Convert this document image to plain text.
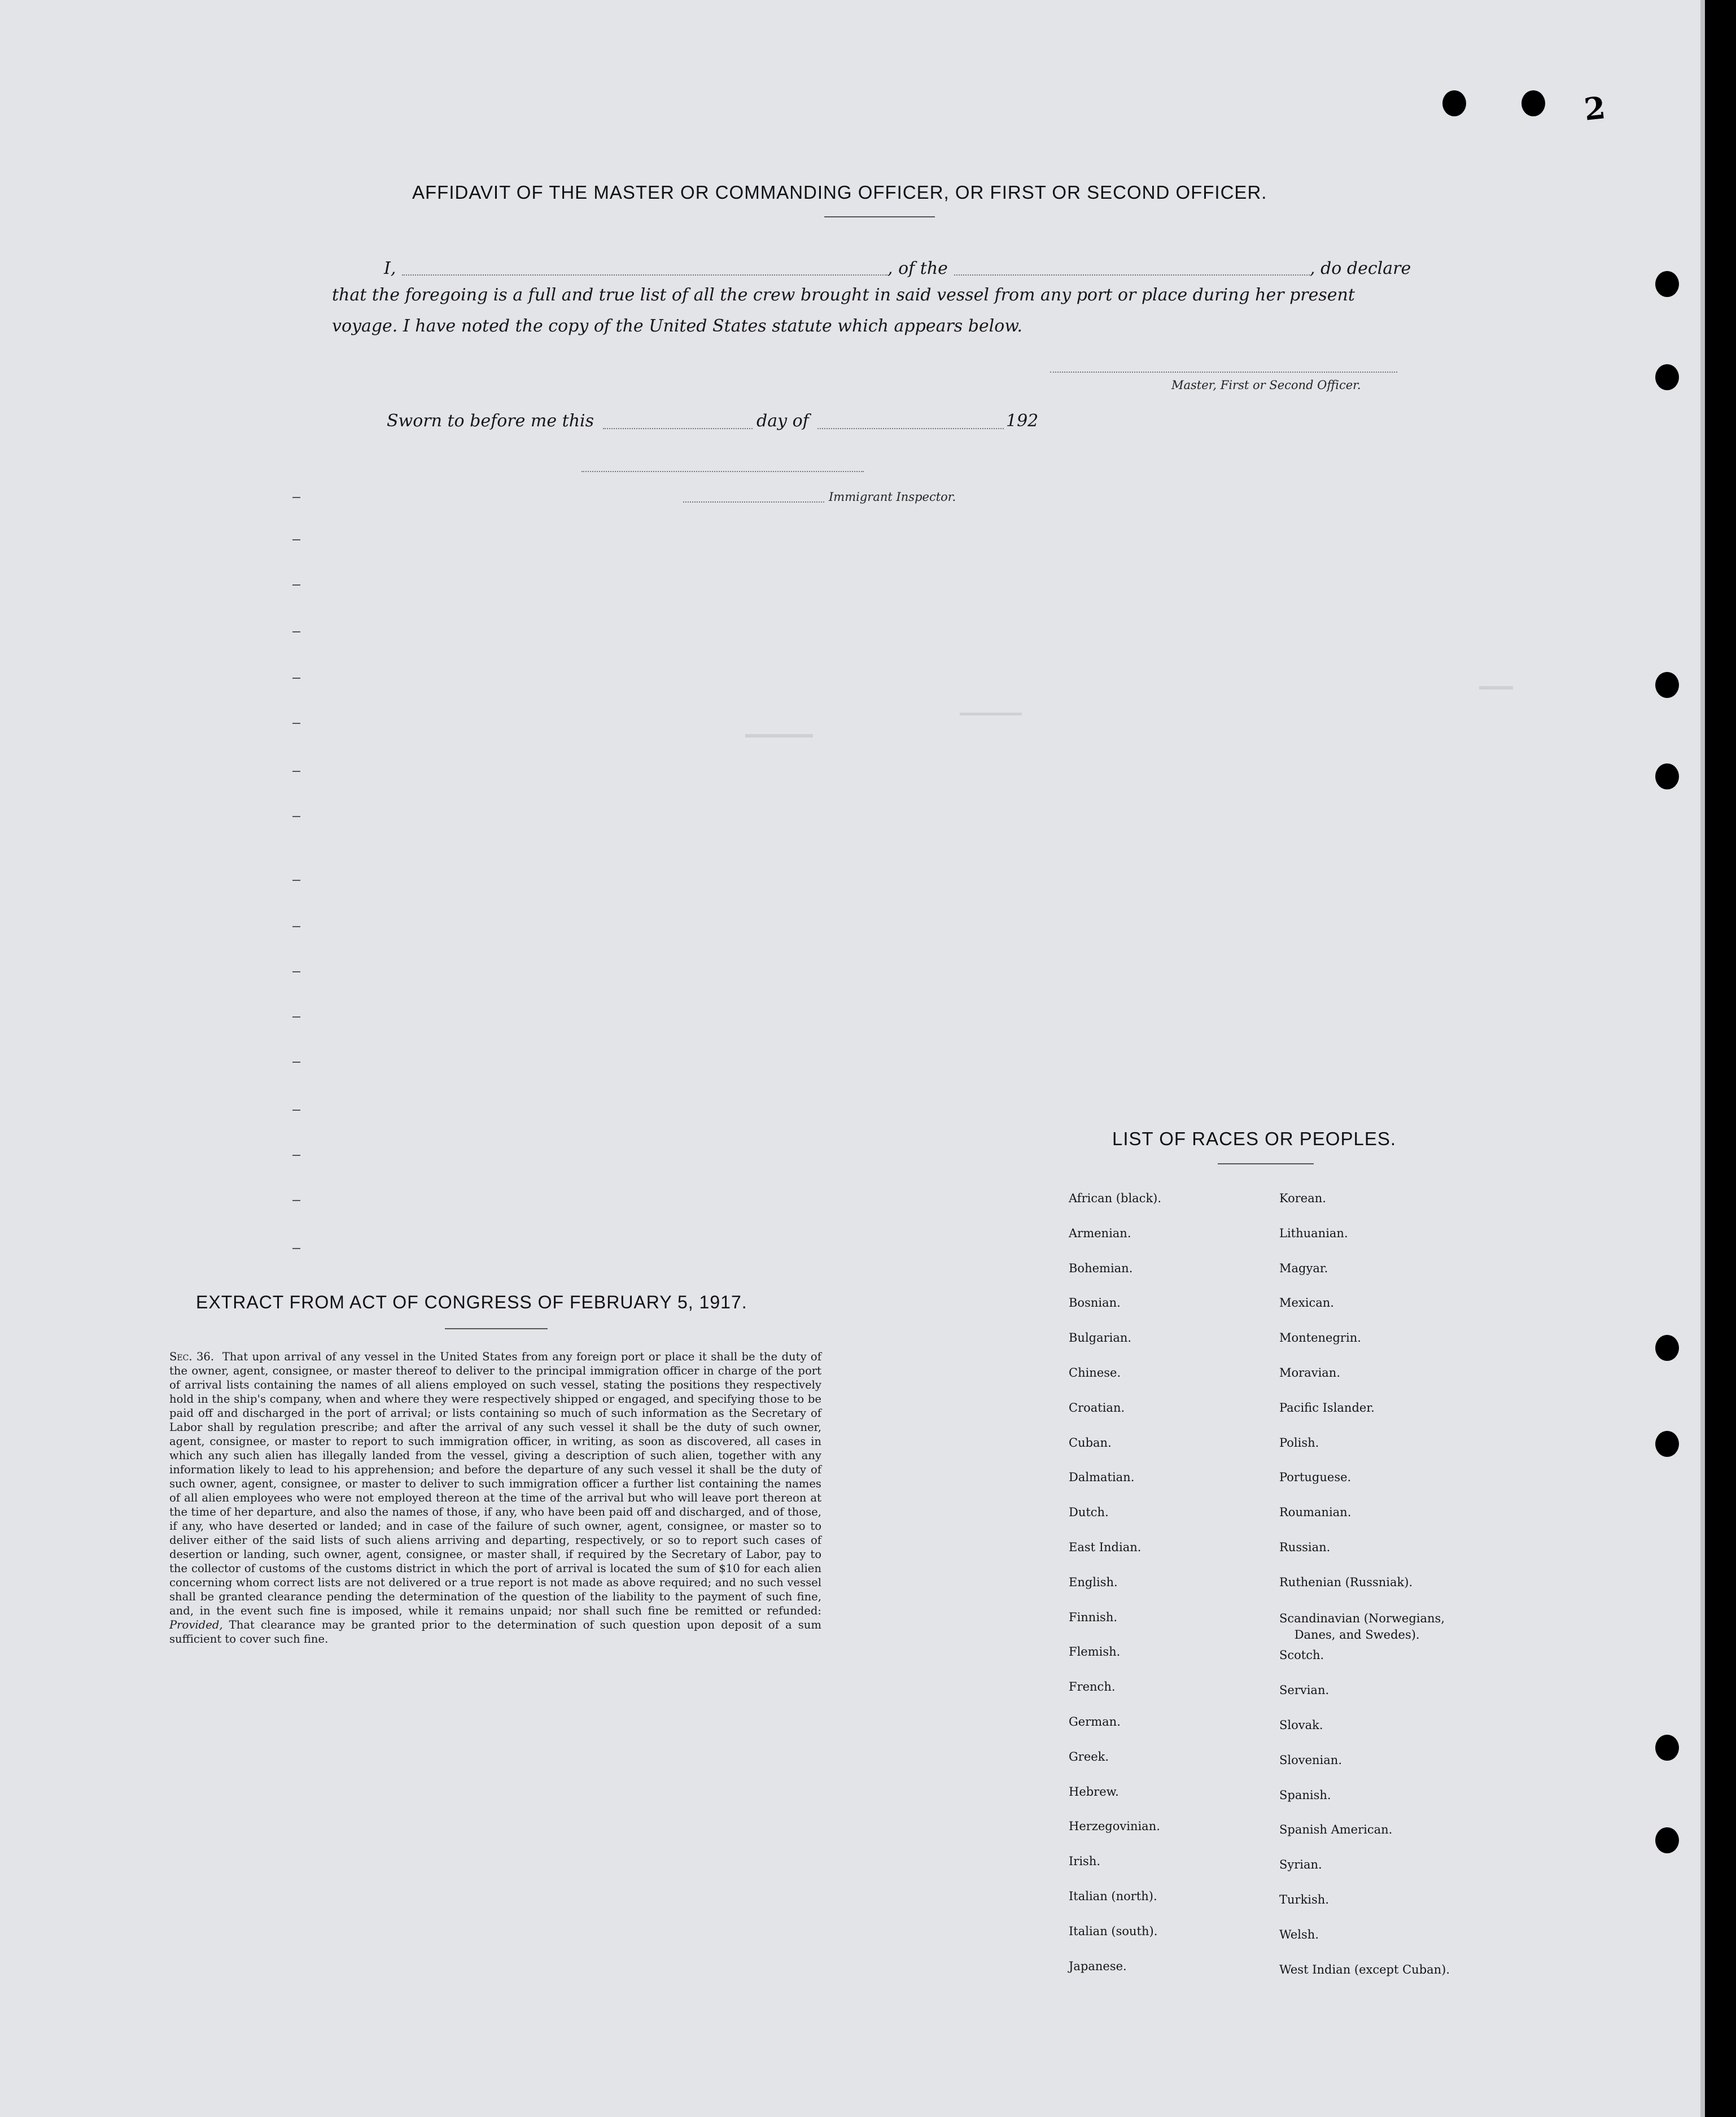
2
AFFIDAVIT OF THE MASTER OR COMMANDING OFFICER, OR FIRST OR SECOND OFFICER.
I,	, of the	, do declare
that the foregoing is a full and true list of all the crew brought in said vessel from any port or place during her present
voyage. I have noted the copy of the United States statute which appears below.
Master, First or Second Officer.
Sworn to before me this	day of	192
Immigrant Inspector.
EXTRACT FROM ACT OF CONGRESS OF FEBRUARY 5, 1917.

Sec. 36. That upon arrival of any vessel in the United States from any foreign port or place it shall be the duty of the owner, agent, consignee, or master thereof to deliver to the principal immigration officer in charge of the port of arrival lists containing the names of all aliens employed on such vessel, stating the positions they respectively hold in the ship's company, when and where they were respectively shipped or engaged, and specifying those to be paid off and discharged in the port of arrival; or lists containing so much of such information as the Secretary of Labor shall by regulation prescribe; and after the arrival of any such vessel it shall be the duty of such owner, agent, consignee, or master to report to such immigration officer, in writing, as soon as discovered, all cases in which any such alien has illegally landed from the vessel, giving a description of such alien, together with any information likely to lead to his apprehension; and before the departure of any such vessel it shall be the duty of such owner, agent, consignee, or master to deliver to such immigration officer a further list containing the names of all alien employees who were not employed thereon at the time of the arrival but who will leave port thereon at the time of her departure, and also the names of those, if any, who have been paid off and discharged, and of those, if any, who have deserted or landed; and in case of the failure of such owner, agent, consignee, or master so to deliver either of the said lists of such aliens arriving and departing, respectively, or so to report such cases of desertion or landing, such owner, agent, consignee, or master shall, if required by the Secretary of Labor, pay to the collector of customs of the customs district in which the port of arrival is located the sum of $10 for each alien concerning whom correct lists are not delivered or a true report is not made as above required; and no such vessel shall be granted clearance pending the determination of the question of the liability to the payment of such fine, and, in the event such fine is imposed, while it remains unpaid; nor shall such fine be remitted or refunded: Provided, That clearance may be granted prior to the determination of such question upon deposit of a sum sufficient to cover such fine.

LIST OF RACES OR PEOPLES.
African (black).
Armenian.
Bohemian.
Bosnian.
Bulgarian.
Chinese.
Croatian.
Cuban.
Dalmatian.
Dutch.
East Indian.
English.
Finnish.
Flemish.
French.
German.
Greek.
Hebrew.
Herzegovinian.
Irish.
Italian (north).
Italian (south).
Japanese.
Korean.
Lithuanian.
Magyar.
Mexican.
Montenegrin.
Moravian.
Pacific Islander.
Polish.
Portuguese.
Roumanian.
Russian.
Ruthenian (Russniak).
Scandinavian (Norwegians,
Danes, and Swedes).
Scotch.
Servian.
Slovak.
Slovenian.
Spanish.
Spanish American.
Syrian.
Turkish.
Welsh.
West Indian (except Cuban).
